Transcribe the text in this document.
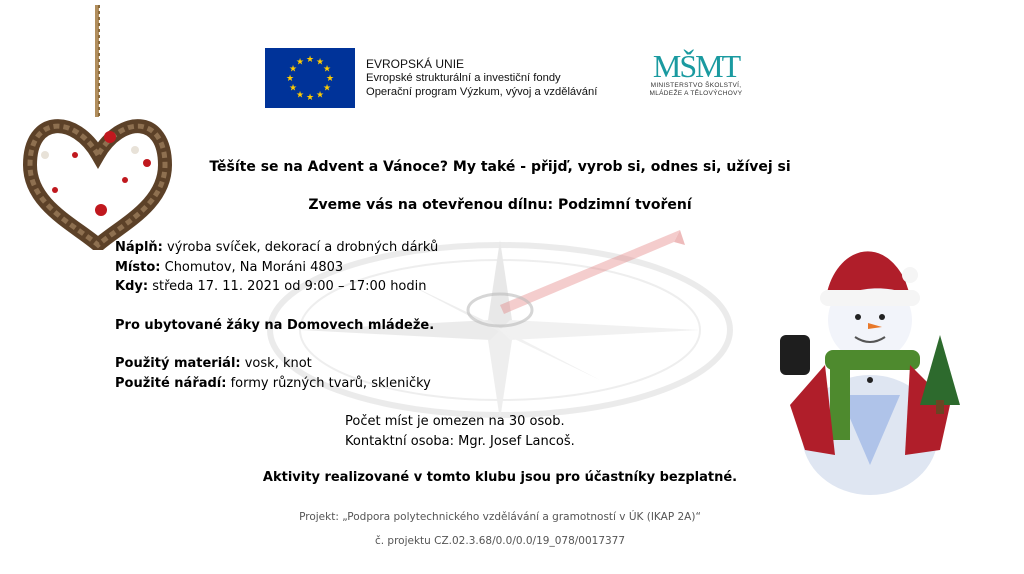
★ ★
★
★
★
★
★
★
★
★
★
★	EVROPSKÁ UNIE
Evropské strukturální a investiční fondy
Operační program Výzkum, vývoj a vzdělávání
MŠMT
MINISTERSTVO ŠKOLSTVÍ,
MLÁDEŽE A TĚLOVÝCHOVY
Těšíte se na Advent a Vánoce? My také - přijď, vyrob si, odnes si, užívej si
Zveme vás na otevřenou dílnu: Podzimní tvoření
Náplň: výroba svíček, dekorací a drobných dárků
Místo: Chomutov, Na Moráni 4803
Kdy: středa 17. 11. 2021 od 9:00 – 17:00 hodin
Pro ubytované žáky na Domovech mládeže.
Použitý materiál: vosk, knot
Použité nářadí: formy různých tvarů, skleničky
Počet míst je omezen na 30 osob.
Kontaktní osoba: Mgr. Josef Lancoš.
Aktivity realizované v tomto klubu jsou pro účastníky bezplatné.
Projekt: „Podpora polytechnického vzdělávání a gramotností v ÚK (IKAP 2A)“
č. projektu CZ.02.3.68/0.0/0.0/19_078/0017377
